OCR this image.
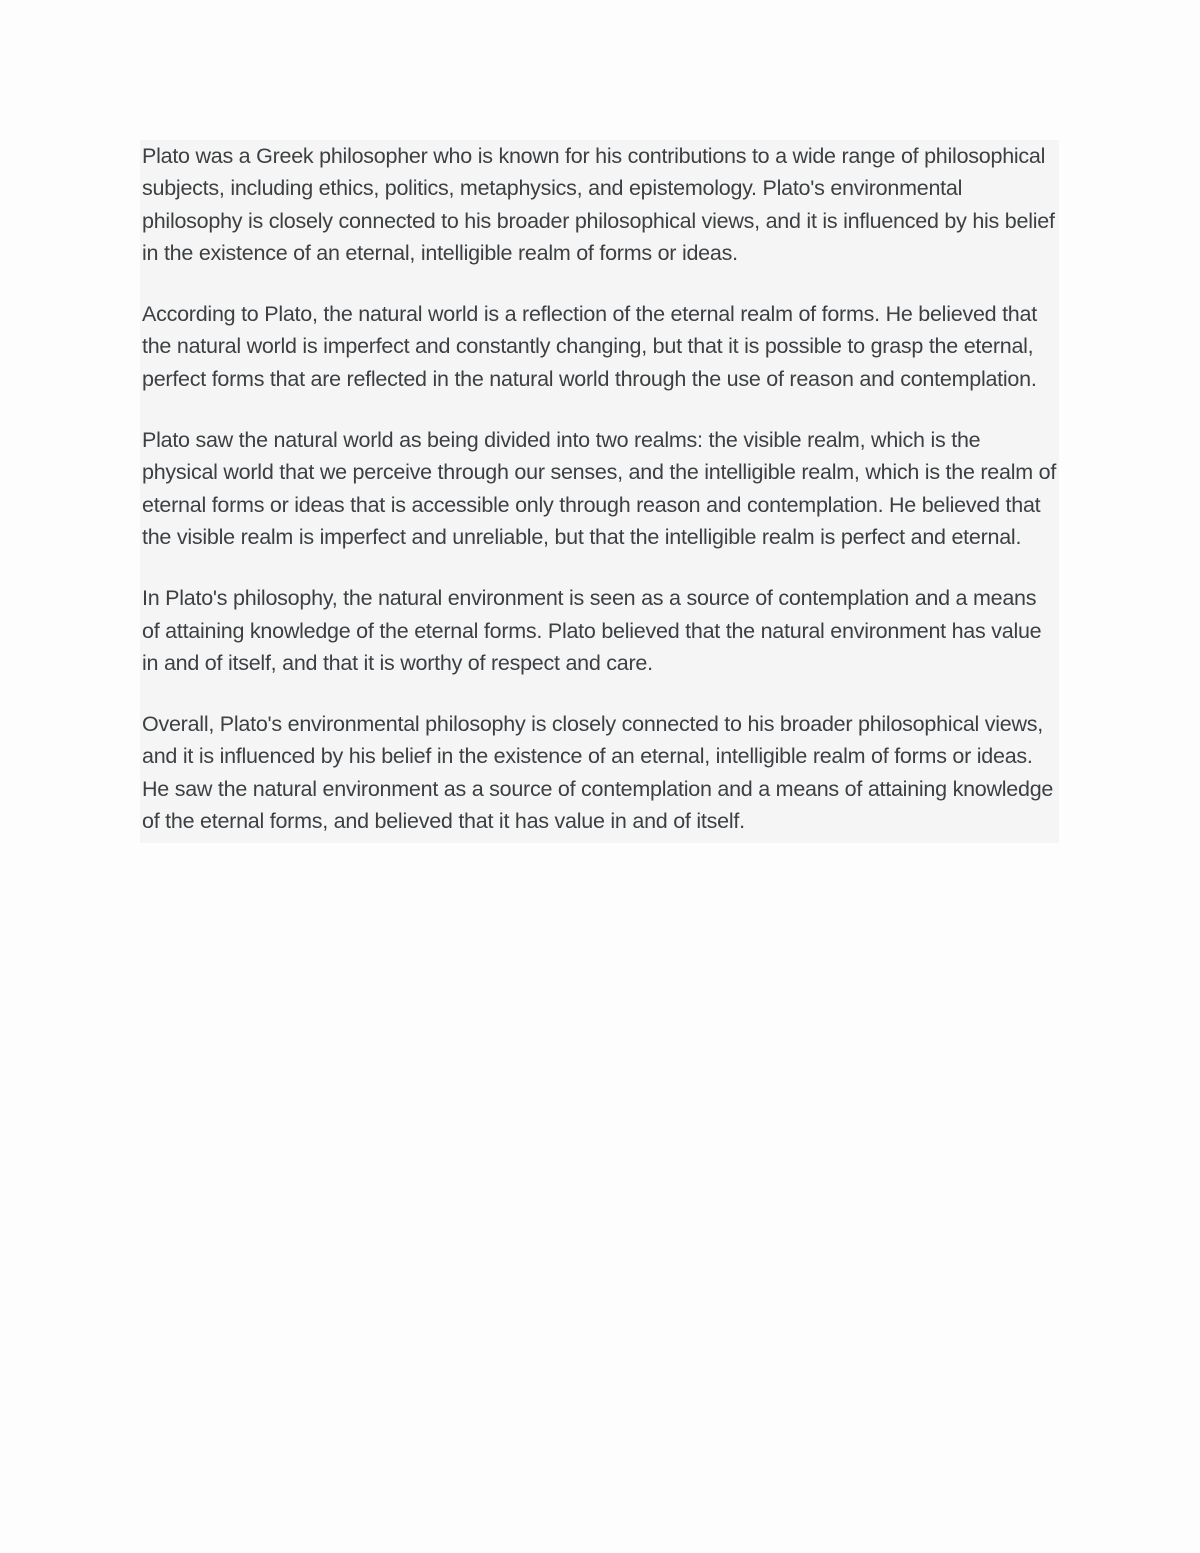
Plato was a Greek philosopher who is known for his contributions to a wide range of philosophical subjects, including ethics, politics, metaphysics, and epistemology. Plato's environmental philosophy is closely connected to his broader philosophical views, and it is influenced by his belief in the existence of an eternal, intelligible realm of forms or ideas.

According to Plato, the natural world is a reflection of the eternal realm of forms. He believed that the natural world is imperfect and constantly changing, but that it is possible to grasp the eternal, perfect forms that are reflected in the natural world through the use of reason and contemplation.

Plato saw the natural world as being divided into two realms: the visible realm, which is the physical world that we perceive through our senses, and the intelligible realm, which is the realm of eternal forms or ideas that is accessible only through reason and contemplation. He believed that the visible realm is imperfect and unreliable, but that the intelligible realm is perfect and eternal.

In Plato's philosophy, the natural environment is seen as a source of contemplation and a means of attaining knowledge of the eternal forms. Plato believed that the natural environment has value in and of itself, and that it is worthy of respect and care.

Overall, Plato's environmental philosophy is closely connected to his broader philosophical views, and it is influenced by his belief in the existence of an eternal, intelligible realm of forms or ideas. He saw the natural environment as a source of contemplation and a means of attaining knowledge of the eternal forms, and believed that it has value in and of itself.
